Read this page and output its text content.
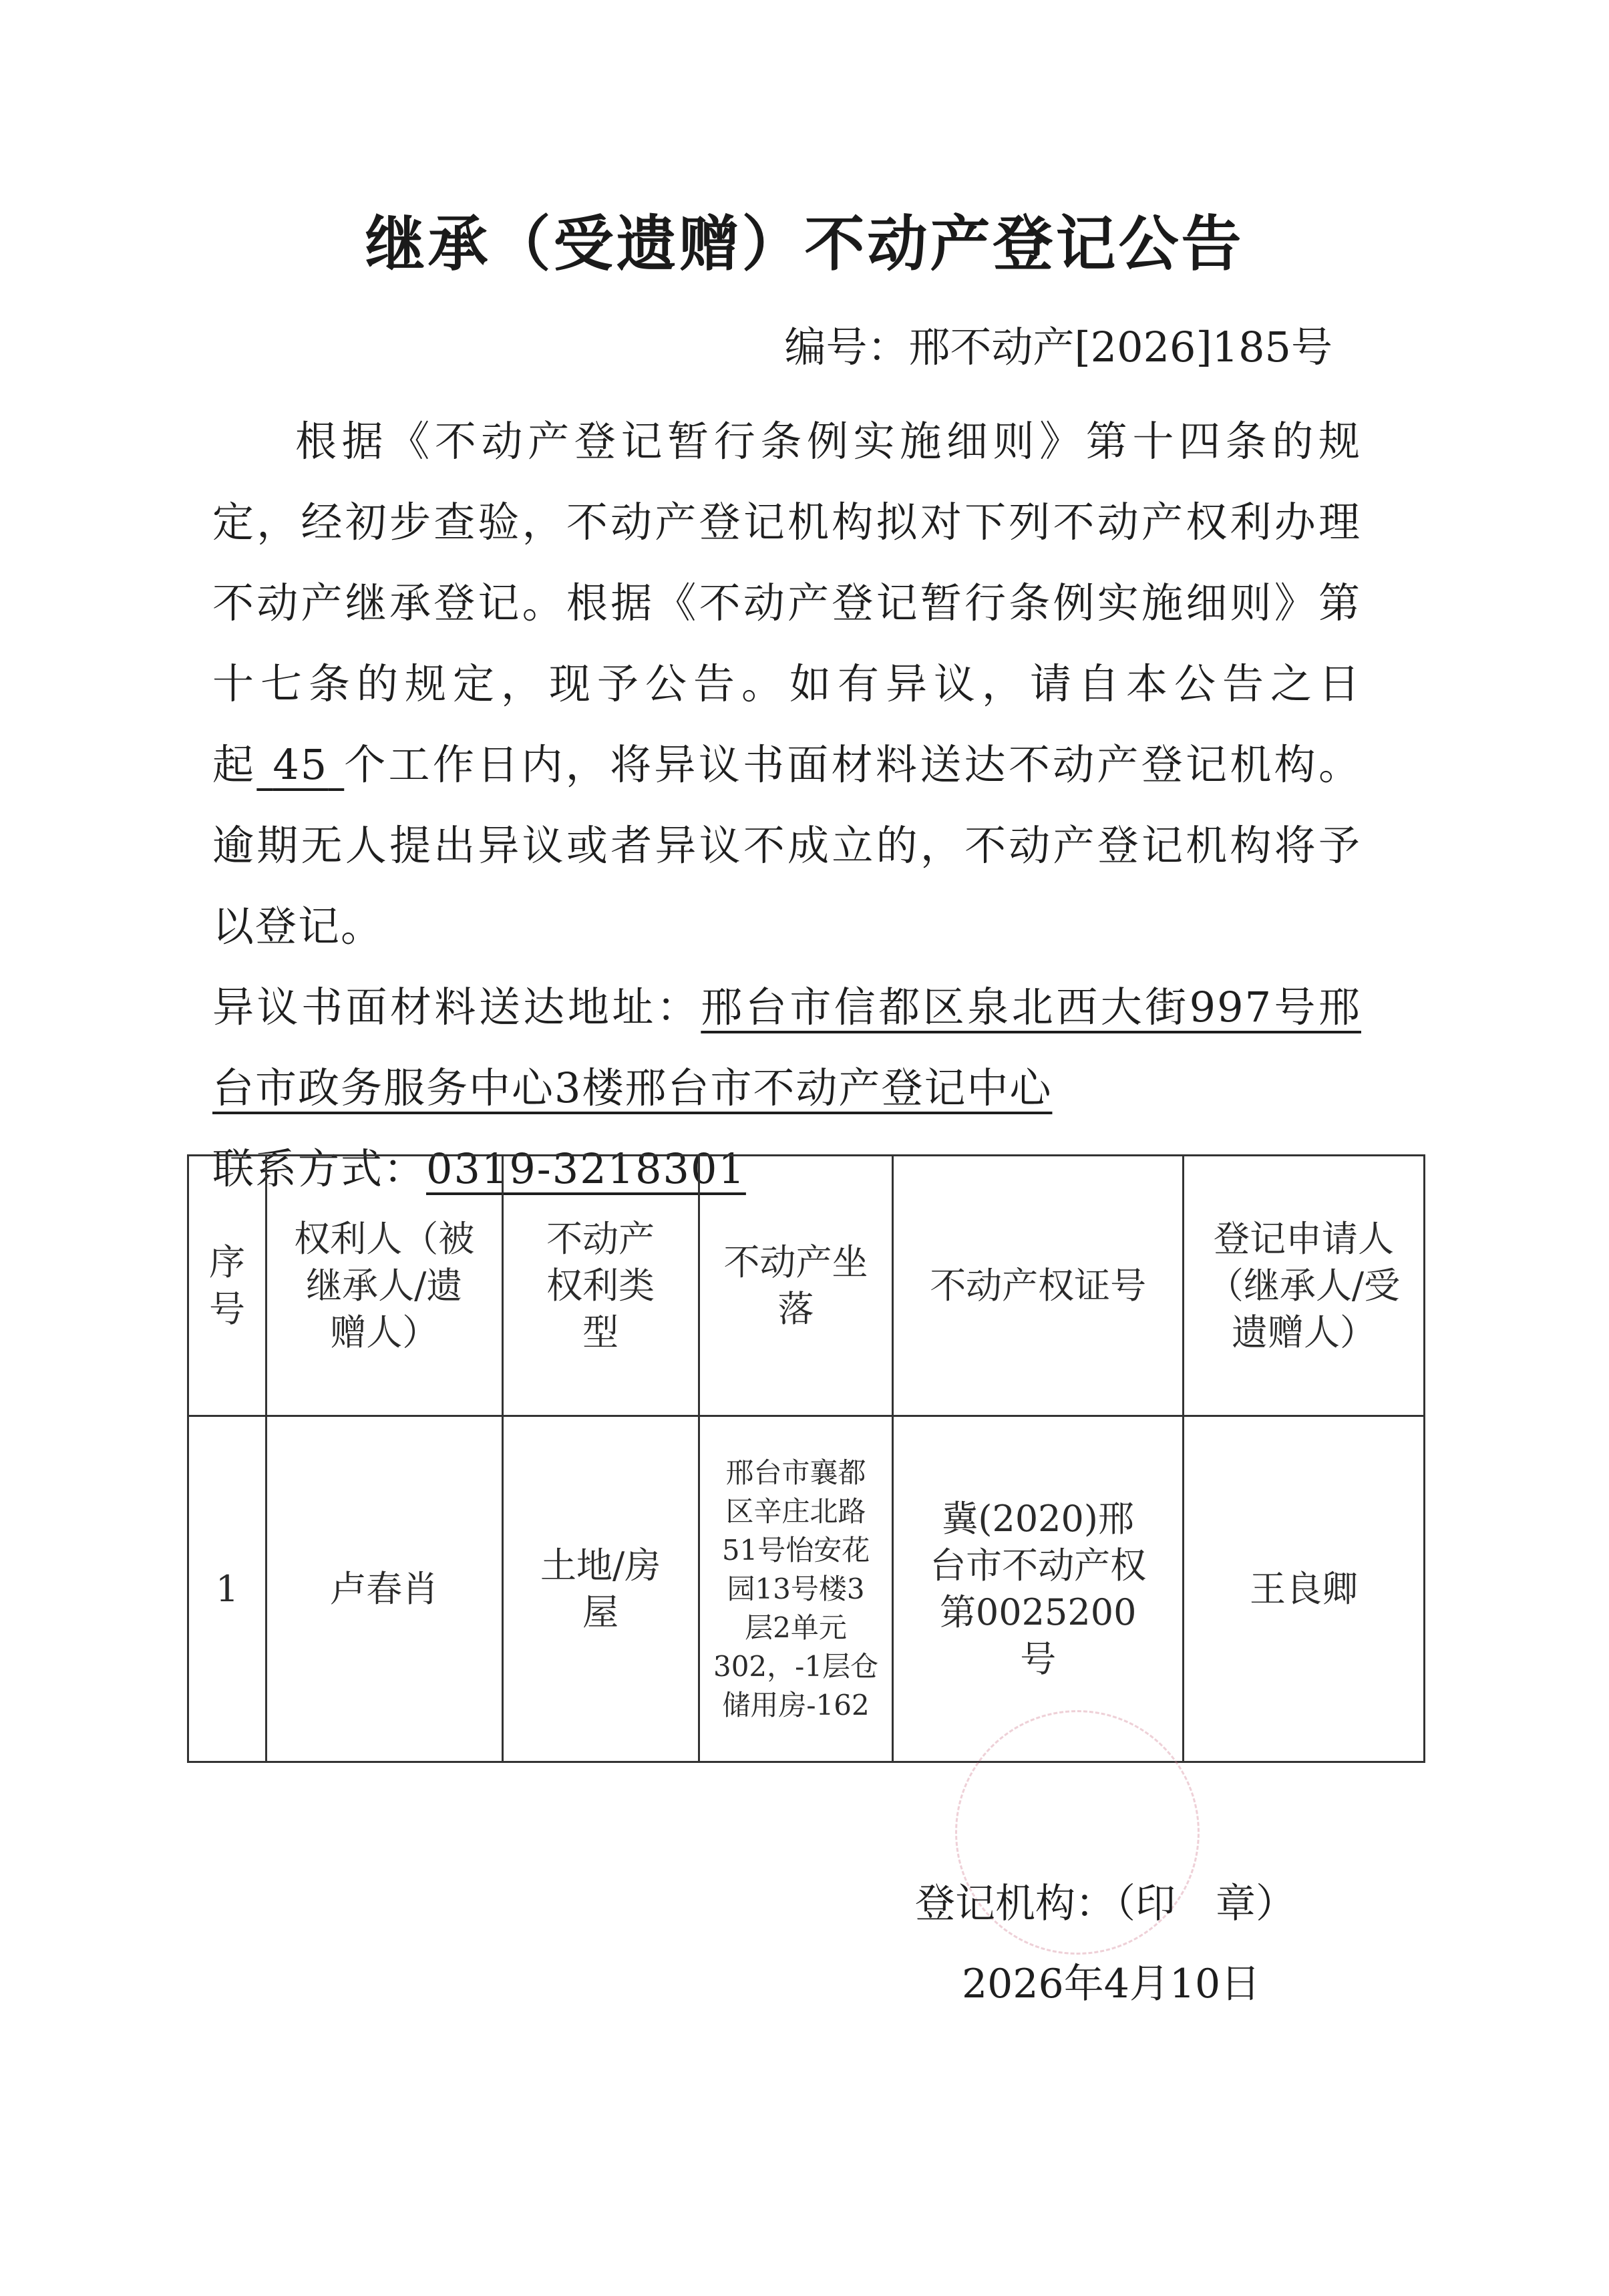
继承（受遗赠）不动产登记公告
编号：邢不动产[2026]185号

根据《不动产登记暂行条例实施细则》第十四条的规定，经初步查验，不动产登记机构拟对下列不动产权利办理不动产继承登记。根据《不动产登记暂行条例实施细则》第十七条的规定，现予公告。如有异议，请自本公告之日起 45 个工作日内，将异议书面材料送达不动产登记机构。逾期无人提出异议或者异议不成立的，不动产登记机构将予以登记。

异议书面材料送达地址：邢台市信都区泉北西大街997号邢台市政务服务中心3楼邢台市不动产登记中心
联系方式：0319-3218301
序号	权利人（被继承人/遗赠人）	不动产权利类型	不动产坐落	不动产权证号	登记申请人（继承人/受遗赠人）
1	卢春肖	土地/房屋	邢台市襄都区辛庄北路51号怡安花园13号楼3层2单元302，-1层仓储用房-162	冀(2020)邢台市不动产权第0025200号	王良卿
登记机构：（印　章）
2026年4月10日
